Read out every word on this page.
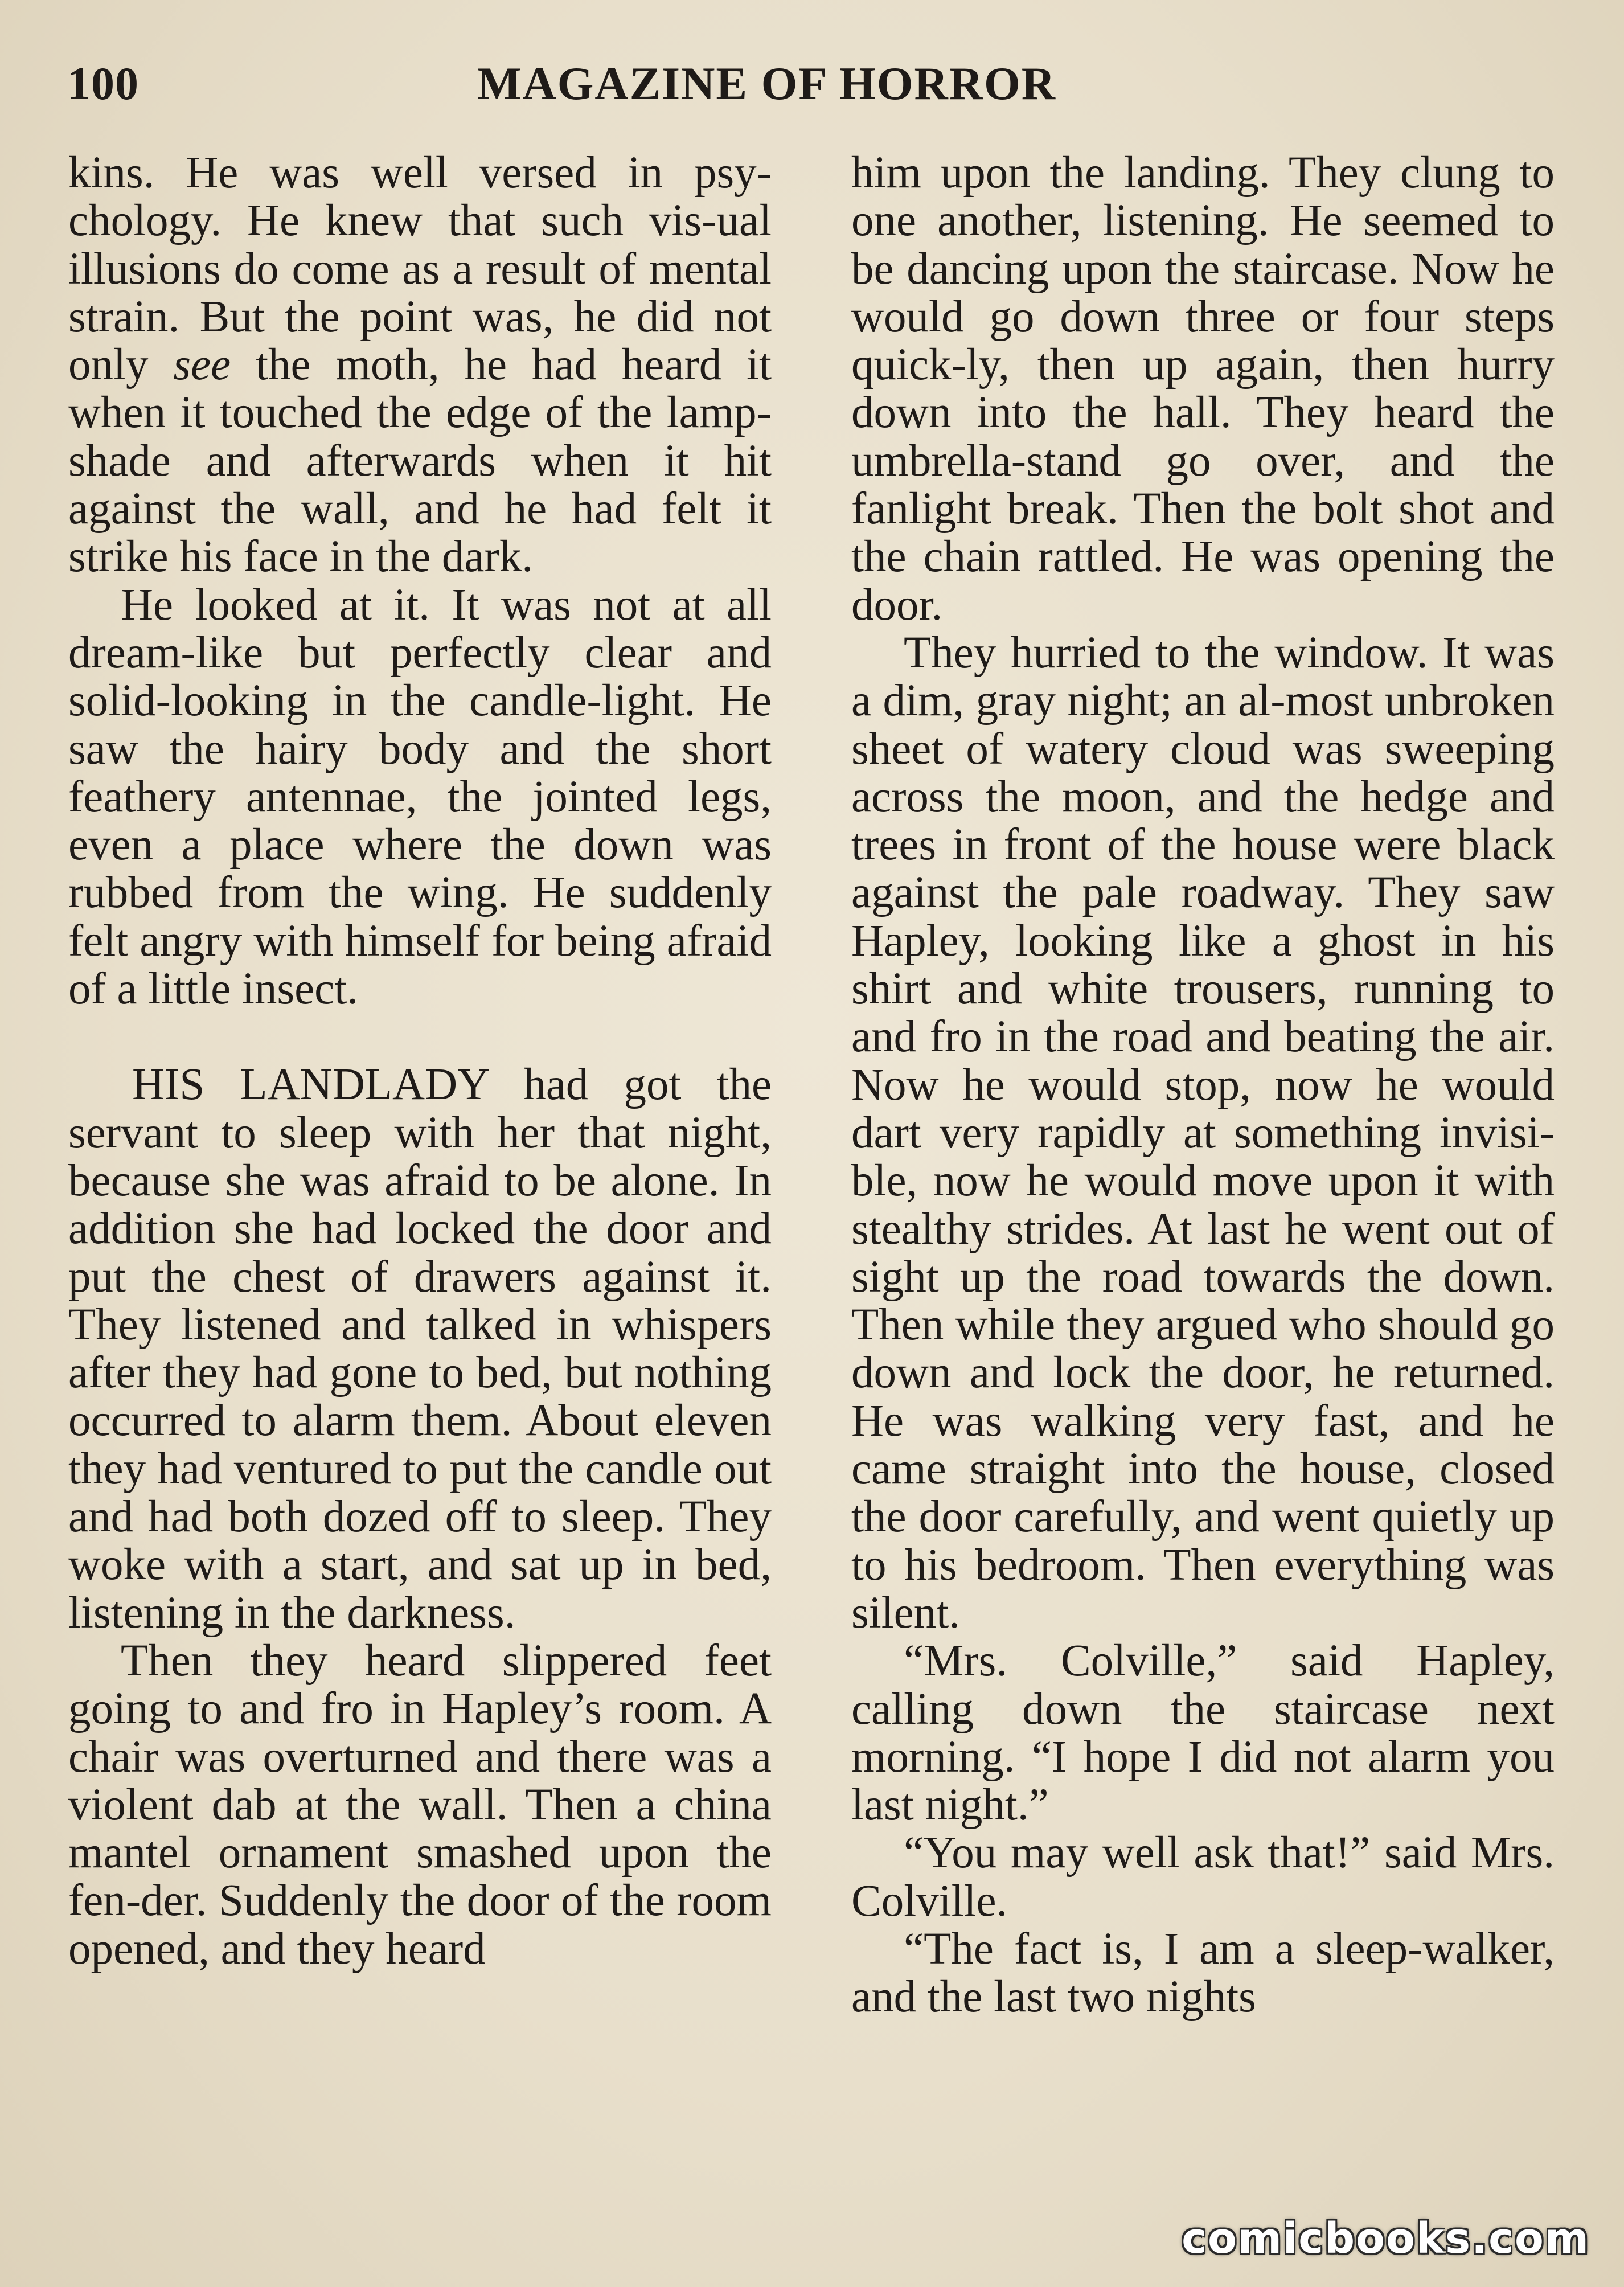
100	MAGAZINE OF HORROR

kins. He was well versed in psy-chology. He knew that such vis-ual illusions do come as a result of mental strain. But the point was, he did not only see the moth, he had heard it when it touched the edge of the lamp-shade and afterwards when it hit against the wall, and he had felt it strike his face in the dark.

He looked at it. It was not at all dream-like but perfectly clear and solid-looking in the candle-light. He saw the hairy body and the short feathery antennae, the jointed legs, even a place where the down was rubbed from the wing. He suddenly felt angry with himself for being afraid of a little insect.

HIS LANDLADY had got the servant to sleep with her that night, because she was afraid to be alone. In addition she had locked the door and put the chest of drawers against it. They listened and talked in whispers after they had gone to bed, but nothing occurred to alarm them. About eleven they had ventured to put the candle out and had both dozed off to sleep. They woke with a start, and sat up in bed, listening in the darkness.

Then they heard slippered feet going to and fro in Hapley’s room. A chair was overturned and there was a violent dab at the wall. Then a china mantel ornament smashed upon the fen-der. Suddenly the door of the room opened, and they heard

him upon the landing. They clung to one another, listening. He seemed to be dancing upon the staircase. Now he would go down three or four steps quick-ly, then up again, then hurry down into the hall. They heard the umbrella-stand go over, and the fanlight break. Then the bolt shot and the chain rattled. He was opening the door.

They hurried to the window. It was a dim, gray night; an al-most unbroken sheet of watery cloud was sweeping across the moon, and the hedge and trees in front of the house were black against the pale roadway. They saw Hapley, looking like a ghost in his shirt and white trousers, running to and fro in the road and beating the air. Now he would stop, now he would dart very rapidly at something invisi-ble, now he would move upon it with stealthy strides. At last he went out of sight up the road towards the down. Then while they argued who should go down and lock the door, he returned. He was walking very fast, and he came straight into the house, closed the door carefully, and went quietly up to his bedroom. Then everything was silent.

“Mrs. Colville,” said Hapley, calling down the staircase next morning. “I hope I did not alarm you last night.”

“You may well ask that!” said Mrs. Colville.

“The fact is, I am a sleep-walker, and the last two nights

comicbooks.com
